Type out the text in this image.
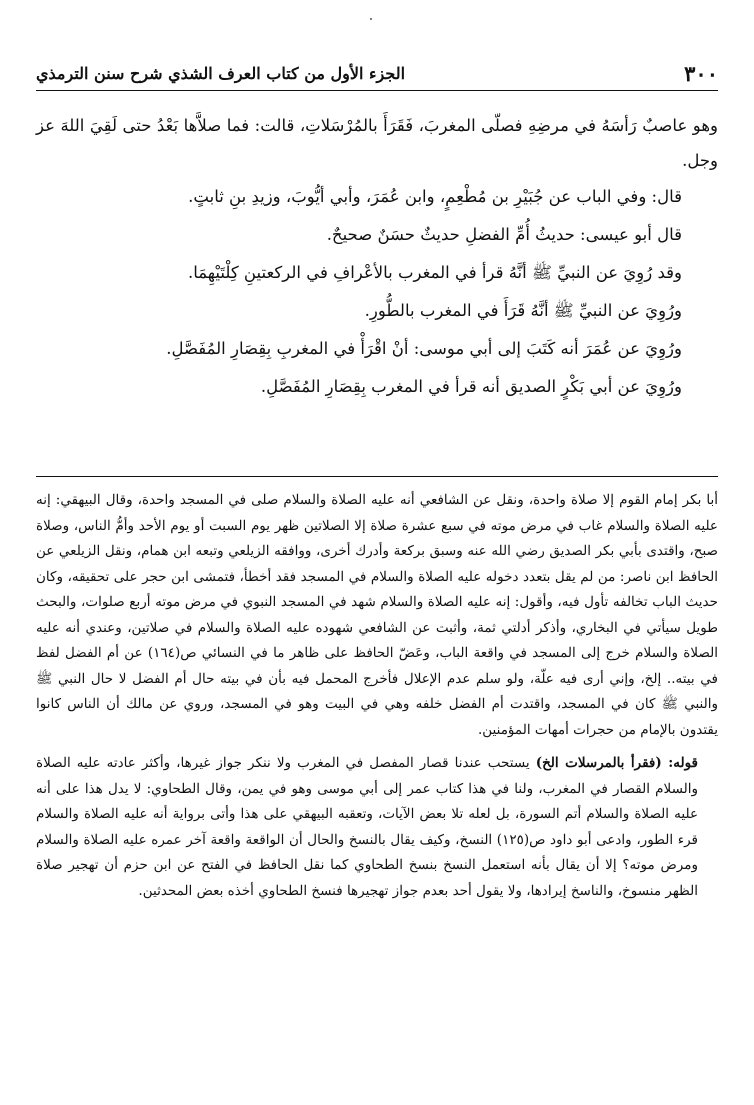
٣٠٠
الجزء الأول من كتاب العرف الشذي شرح سنن الترمذي

وهو عاصبٌ رَأسَهُ في مرضِهِ فصلّى المغربَ، فَقَرَأَ بالمُرْسَلاتِ، قالت: فما صلاَّها بَعْدُ حتى لَقِيَ اللهَ عز وجل.

قال: وفي الباب عن جُبَيْرِ بن مُطْعِمٍ، وابن عُمَرَ، وأبي أيُّوبَ، وزيدِ بنِ ثابتٍ.

قال أبو عيسى: حديثُ أُمِّ الفضلِ حديثٌ حسَنٌ صحيحٌ.

وقد رُوِيَ عن النبيِّ ﷺ أنَّهُ قرأ في المغرب بالأعْرافِ في الركعتينِ كِلْتَيْهِمَا.

ورُوِيَ عن النبيِّ ﷺ أنَّهُ قَرَأَ في المغرب بالطُّورِ.

ورُوِيَ عن عُمَرَ أنه كَتَبَ إلى أبي موسى: أنْ اقْرَأْ في المغربِ بِقِصَارِ المُفَصَّلِ.

ورُوِيَ عن أبي بَكْرٍ الصديق أنه قرأ في المغرب بِقِصَارِ المُفَصَّلِ.

أبا بكر إمام القوم إلا صلاة واحدة، ونقل عن الشافعي أنه عليه الصلاة والسلام صلى في المسجد واحدة، وقال البيهقي: إنه عليه الصلاة والسلام غاب في مرض موته في سبع عشرة صلاة إلا الصلاتين ظهر يوم السبت أو يوم الأحد وأمُّ الناس، وصلاة صبح، واقتدى بأبي بكر الصديق رضي الله عنه وسبق بركعة وأدرك أخرى، ووافقه الزيلعي وتبعه ابن همام، ونقل الزيلعي عن الحافظ ابن ناصر: من لم يقل بتعدد دخوله عليه الصلاة والسلام في المسجد فقد أخطأ، فتمشى ابن حجر على تحقيقه، وكان حديث الباب تخالفه تأول فيه، وأقول: إنه عليه الصلاة والسلام شهد في المسجد النبوي في مرض موته أربع صلوات، والبحث طويل سيأتي في البخاري، وأذكر أدلتي ثمة، وأثبت عن الشافعي شهوده عليه الصلاة والسلام في صلاتين، وعندي أنه عليه الصلاة والسلام خرج إلى المسجد في واقعة الباب، وعَضّ الحافظ على ظاهر ما في النسائي ص(١٦٤) عن أم الفضل لفظ في بيته.. إلخ، وإني أرى فيه علّة، ولو سلم عدم الإعلال فأخرج المحمل فيه بأن في بيته حال أم الفضل لا حال النبي ﷺ والنبي ﷺ كان في المسجد، واقتدت أم الفضل خلفه وهي في البيت وهو في المسجد، وروي عن مالك أن الناس كانوا يقتدون بالإمام من حجرات أمهات المؤمنين.

قوله: (فقرأ بالمرسلات الخ) يستحب عندنا قصار المفصل في المغرب ولا ننكر جواز غيرها، وأكثر عادته عليه الصلاة والسلام القصار في المغرب، ولنا في هذا كتاب عمر إلى أبي موسى وهو في يمن، وقال الطحاوي: لا يدل هذا على أنه عليه الصلاة والسلام أتم السورة، بل لعله تلا بعض الآيات، وتعقبه البيهقي على هذا وأتى برواية أنه عليه الصلاة والسلام قرء الطور، وادعى أبو داود ص(١٢٥) النسخ، وكيف يقال بالنسخ والحال أن الواقعة واقعة آخر عمره عليه الصلاة والسلام ومرض موته؟ إلا أن يقال بأنه استعمل النسخ بنسخ الطحاوي كما نقل الحافظ في الفتح عن ابن حزم أن تهجير صلاة الظهر منسوخ، والناسخ إيرادها، ولا يقول أحد بعدم جواز تهجيرها فنسخ الطحاوي أخذه بعض المحدثين.
